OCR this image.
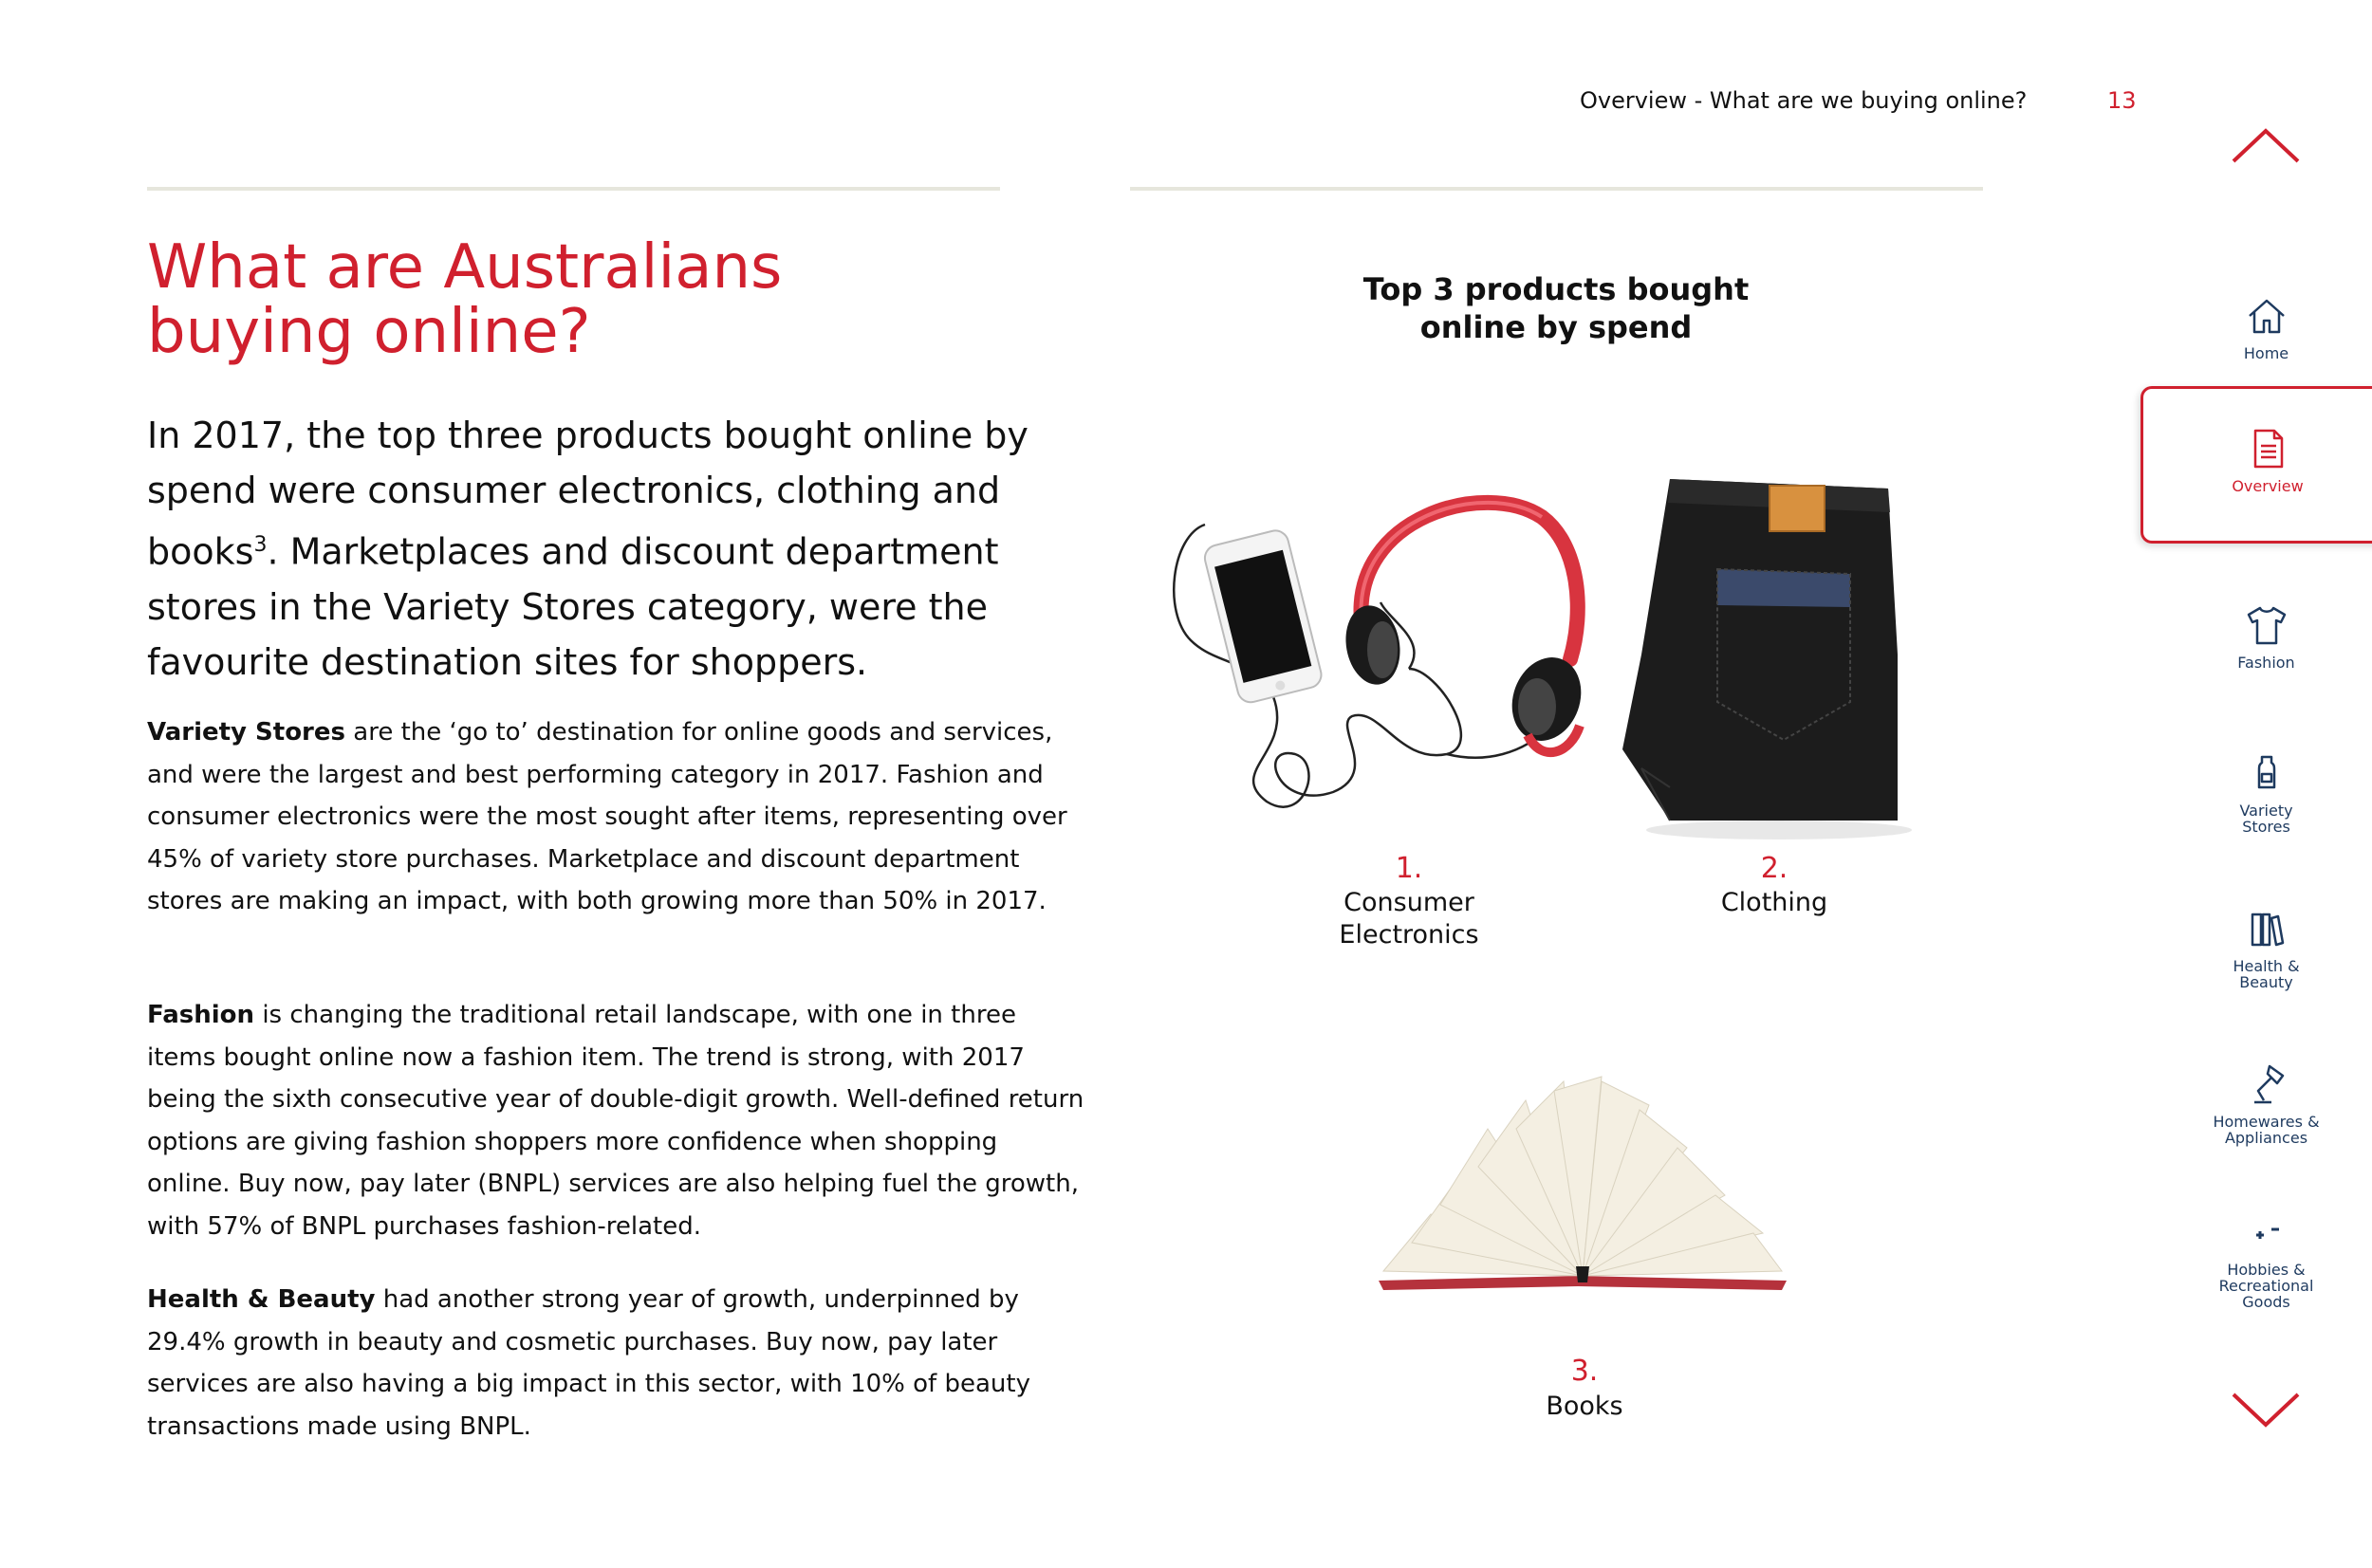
Overview - What are we buying online?	13
What are Australians
buying online?
In 2017, the top three products bought online by spend were consumer electronics, clothing and books$^3$. Marketplaces and discount department stores in the Variety Stores category, were the favourite destination sites for shoppers.
Variety Stores are the ‘go to’ destination for online goods and services, and were the largest and best performing category in 2017. Fashion and consumer electronics were the most sought after items, representing over 45% of variety store purchases. Marketplace and discount department stores are making an impact, with both growing more than 50% in 2017.
Fashion is changing the traditional retail landscape, with one in three items bought online now a fashion item. The trend is strong, with 2017 being the sixth consecutive year of double-digit growth. Well-defined return options are giving fashion shoppers more confidence when shopping online. Buy now, pay later (BNPL) services are also helping fuel the growth, with 57% of BNPL purchases fashion-related.
Health & Beauty had another strong year of growth, underpinned by 29.4% growth in beauty and cosmetic purchases. Buy now, pay later services are also having a big impact in this sector, with 10% of beauty transactions made using BNPL.
Top 3 products bought
online by spend
1.
Consumer
Electronics
2.
Clothing
3.
Books
Home
Overview
Fashion
Variety
Stores
Health &
Beauty
Homewares &
Appliances
Hobbies &
Recreational
Goods
